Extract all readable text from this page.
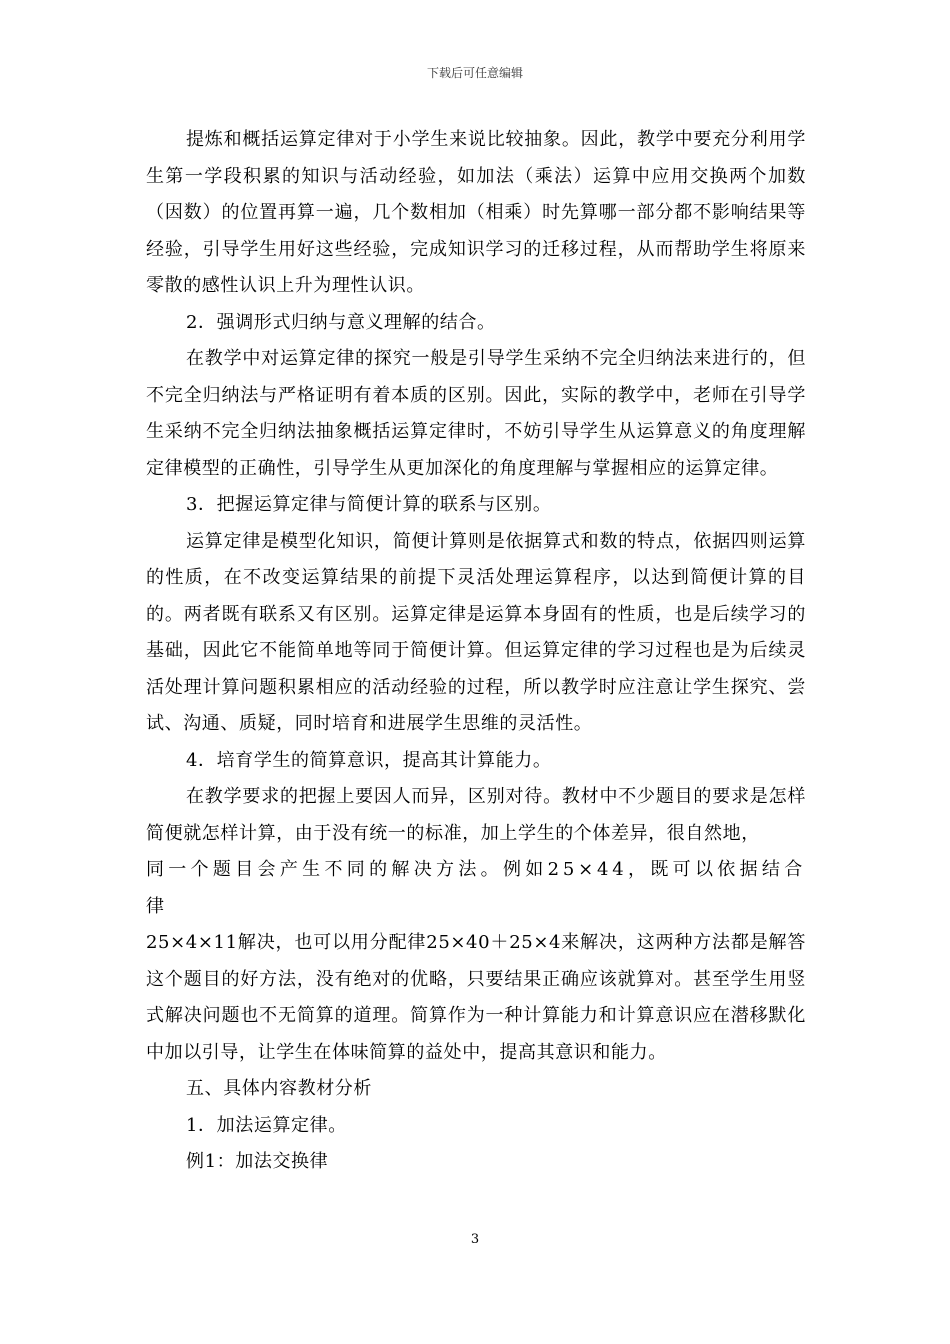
下载后可任意编辑

提炼和概括运算定律对于小学生来说比较抽象。因此，教学中要充分利用学生第一学段积累的知识与活动经验，如加法（乘法）运算中应用交换两个加数（因数）的位置再算一遍，几个数相加（相乘）时先算哪一部分都不影响结果等经验，引导学生用好这些经验，完成知识学习的迁移过程，从而帮助学生将原来零散的感性认识上升为理性认识。

2．强调形式归纳与意义理解的结合。

在教学中对运算定律的探究一般是引导学生采纳不完全归纳法来进行的，但不完全归纳法与严格证明有着本质的区别。因此，实际的教学中，老师在引导学生采纳不完全归纳法抽象概括运算定律时，不妨引导学生从运算意义的角度理解定律模型的正确性，引导学生从更加深化的角度理解与掌握相应的运算定律。

3．把握运算定律与简便计算的联系与区别。

运算定律是模型化知识，简便计算则是依据算式和数的特点，依据四则运算的性质，在不改变运算结果的前提下灵活处理运算程序，以达到简便计算的目的。两者既有联系又有区别。运算定律是运算本身固有的性质，也是后续学习的基础，因此它不能简单地等同于简便计算。但运算定律的学习过程也是为后续灵活处理计算问题积累相应的活动经验的过程，所以教学时应注意让学生探究、尝试、沟通、质疑，同时培育和进展学生思维的灵活性。

4．培育学生的简算意识，提高其计算能力。

在教学要求的把握上要因人而异，区别对待。教材中不少题目的要求是怎样简便就怎样计算，由于没有统一的标准，加上学生的个体差异，很自然地，

同一个题目会产生不同的解决方法。例如25×44，既可以依据结合律

25×4×11解决，也可以用分配律25×40＋25×4来解决，这两种方法都是解答这个题目的好方法，没有绝对的优略，只要结果正确应该就算对。甚至学生用竖式解决问题也不无简算的道理。简算作为一种计算能力和计算意识应在潜移默化中加以引导，让学生在体味简算的益处中，提高其意识和能力。

五、具体内容教材分析

1．加法运算定律。

例1：加法交换律

3
